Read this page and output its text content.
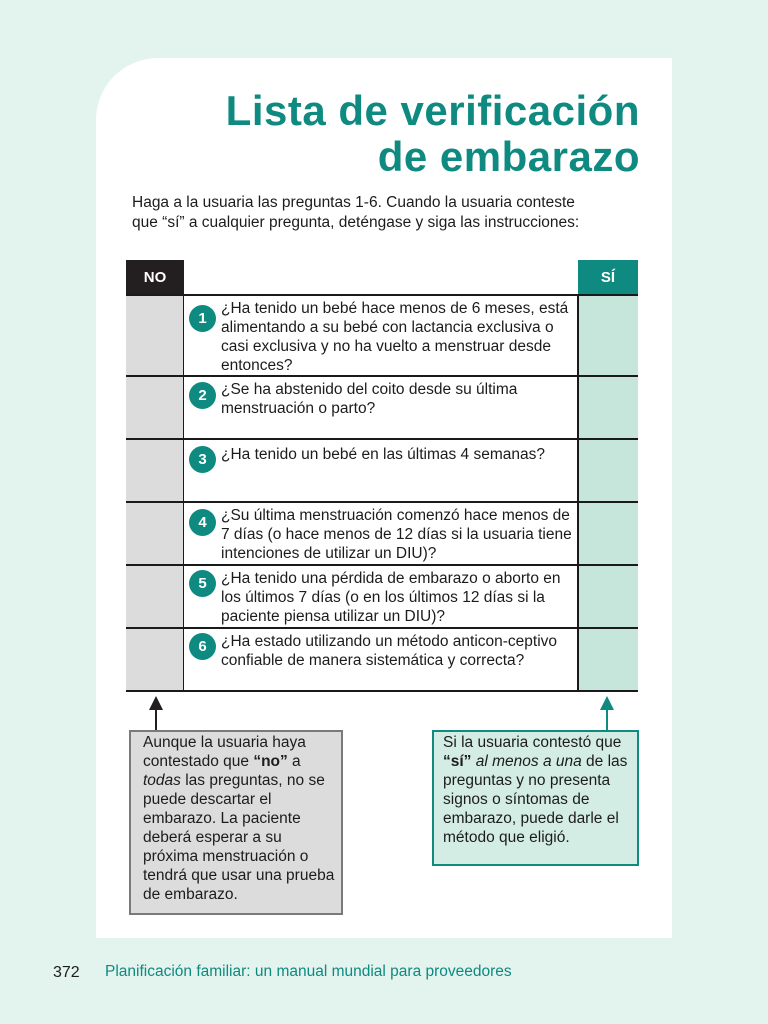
Lista de verificación
de embarazo
Haga a la usuaria las preguntas 1-6. Cuando la usuaria conteste que “sí” a cualquier pregunta, deténgase y siga las instrucciones:
NO	SÍ
1
¿Ha tenido un bebé hace menos de 6 meses, está alimentando a su bebé con lactancia exclusiva o casi exclusiva y no ha vuelto a menstruar desde entonces?
2 ¿Se ha abstenido del coito desde su última menstruación o parto?
3 ¿Ha tenido un bebé en las últimas 4 semanas?
4 ¿Su última menstruación comenzó hace menos de 7 días (o hace menos de 12 días si la usuaria tiene intenciones de utilizar un DIU)?
5 ¿Ha tenido una pérdida de embarazo o aborto en los últimos 7 días (o en los últimos 12 días si la paciente piensa utilizar un DIU)?
6 ¿Ha estado utilizando un método anticon-ceptivo confiable de manera sistemática y correcta?
Aunque la usuaria haya contestado que “no” a todas las preguntas, no se puede descartar el embarazo. La paciente deberá esperar a su próxima menstruación o tendrá que usar una prueba de embarazo.
Si la usuaria contestó que “sí” al menos a una de las preguntas y no presenta signos o síntomas de embarazo, puede darle el método que eligió.
372 Planificación familiar: un manual mundial para proveedores
